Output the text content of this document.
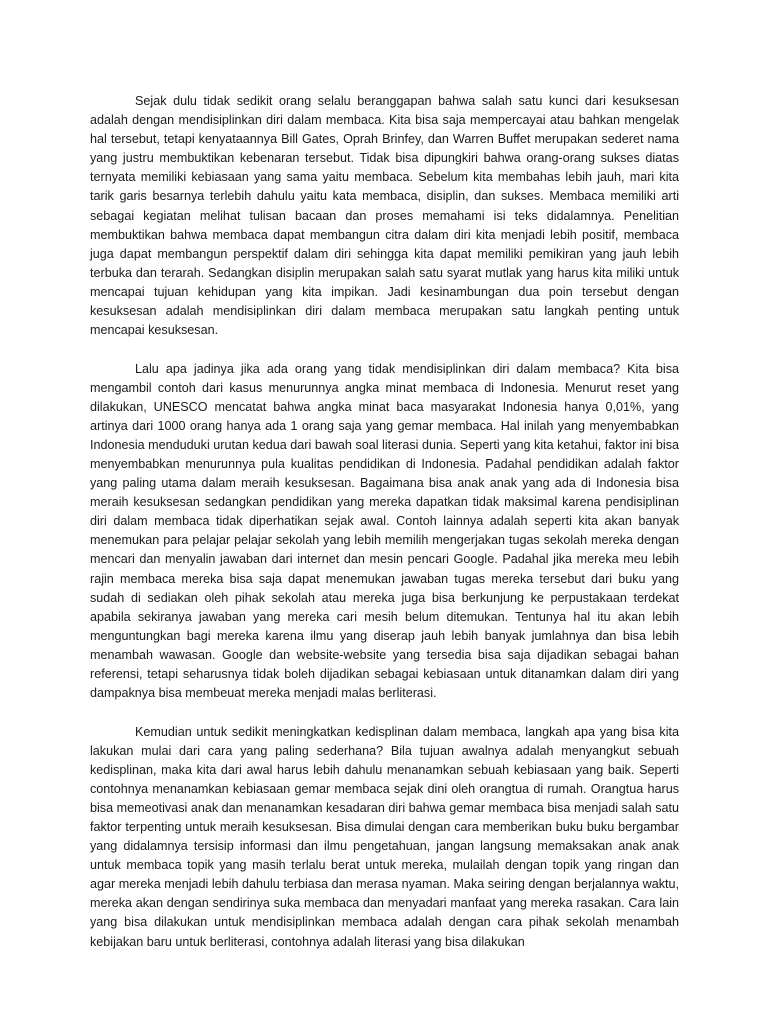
Sejak dulu tidak sedikit orang selalu beranggapan bahwa salah satu kunci dari kesuksesan adalah dengan mendisiplinkan diri dalam membaca. Kita bisa saja mempercayai atau bahkan mengelak hal tersebut, tetapi kenyataannya Bill Gates, Oprah Brinfey, dan Warren Buffet merupakan sederet nama yang justru membuktikan kebenaran tersebut. Tidak bisa dipungkiri bahwa orang-orang sukses diatas ternyata memiliki kebiasaan yang sama yaitu membaca. Sebelum kita membahas lebih jauh, mari kita tarik garis besarnya terlebih dahulu yaitu kata membaca, disiplin, dan sukses. Membaca memiliki arti sebagai kegiatan melihat tulisan bacaan dan proses memahami isi teks didalamnya. Penelitian membuktikan bahwa membaca dapat membangun citra dalam diri kita menjadi lebih positif, membaca juga dapat membangun perspektif dalam diri sehingga kita dapat memiliki pemikiran yang jauh lebih terbuka dan terarah. Sedangkan disiplin merupakan salah satu syarat mutlak yang harus kita miliki untuk mencapai tujuan kehidupan yang kita impikan. Jadi kesinambungan dua poin tersebut dengan kesuksesan adalah mendisiplinkan diri dalam membaca merupakan satu langkah penting untuk mencapai kesuksesan.

Lalu apa jadinya jika ada orang yang tidak mendisiplinkan diri dalam membaca? Kita bisa mengambil contoh dari kasus menurunnya angka minat membaca di Indonesia. Menurut reset yang dilakukan, UNESCO mencatat bahwa angka minat baca masyarakat Indonesia hanya 0,01%, yang artinya dari 1000 orang hanya ada 1 orang saja yang gemar membaca. Hal inilah yang menyembabkan Indonesia menduduki urutan kedua dari bawah soal literasi dunia. Seperti yang kita ketahui, faktor ini bisa menyembabkan menurunnya pula kualitas pendidikan di Indonesia. Padahal pendidikan adalah faktor yang paling utama dalam meraih kesuksesan. Bagaimana bisa anak anak yang ada di Indonesia bisa meraih kesuksesan sedangkan pendidikan yang mereka dapatkan tidak maksimal karena pendisiplinan diri dalam membaca tidak diperhatikan sejak awal. Contoh lainnya adalah seperti kita akan banyak menemukan para pelajar pelajar sekolah yang lebih memilih mengerjakan tugas sekolah mereka dengan mencari dan menyalin jawaban dari internet dan mesin pencari Google. Padahal jika mereka meu lebih rajin membaca mereka bisa saja dapat menemukan jawaban tugas mereka tersebut dari buku yang sudah di sediakan oleh pihak sekolah atau mereka juga bisa berkunjung ke perpustakaan terdekat apabila sekiranya jawaban yang mereka cari mesih belum ditemukan. Tentunya hal itu akan lebih menguntungkan bagi mereka karena ilmu yang diserap jauh lebih banyak jumlahnya dan bisa lebih menambah wawasan. Google dan website-website yang tersedia bisa saja dijadikan sebagai bahan referensi, tetapi seharusnya tidak boleh dijadikan sebagai kebiasaan untuk ditanamkan dalam diri yang dampaknya bisa membeuat mereka menjadi malas berliterasi.

Kemudian untuk sedikit meningkatkan kedisplinan dalam membaca, langkah apa yang bisa kita lakukan mulai dari cara yang paling sederhana? Bila tujuan awalnya adalah menyangkut sebuah kedisplinan, maka kita dari awal harus lebih dahulu menanamkan sebuah kebiasaan yang baik. Seperti contohnya menanamkan kebiasaan gemar membaca sejak dini oleh orangtua di rumah. Orangtua harus bisa memeotivasi anak dan menanamkan kesadaran diri bahwa gemar membaca bisa menjadi salah satu faktor terpenting untuk meraih kesuksesan. Bisa dimulai dengan cara memberikan buku buku bergambar yang didalamnya tersisip informasi dan ilmu pengetahuan, jangan langsung memaksakan anak anak untuk membaca topik yang masih terlalu berat untuk mereka, mulailah dengan topik yang ringan dan agar mereka menjadi lebih dahulu terbiasa dan merasa nyaman. Maka seiring dengan berjalannya waktu, mereka akan dengan sendirinya suka membaca dan menyadari manfaat yang mereka rasakan. Cara lain yang bisa dilakukan untuk mendisiplinkan membaca adalah dengan cara pihak sekolah menambah kebijakan baru untuk berliterasi, contohnya adalah literasi yang bisa dilakukan
